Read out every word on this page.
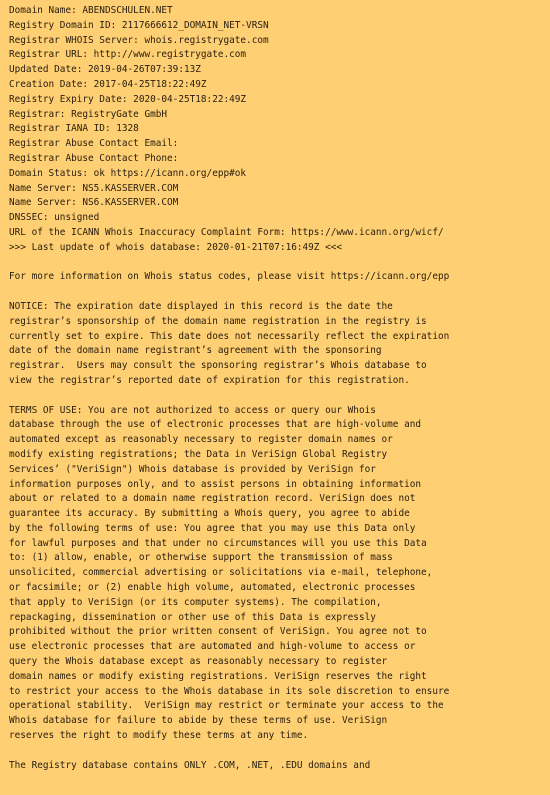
Domain Name: ABENDSCHULEN.NET
Registry Domain ID: 2117666612_DOMAIN_NET-VRSN
Registrar WHOIS Server: whois.registrygate.com
Registrar URL: http://www.registrygate.com
Updated Date: 2019-04-26T07:39:13Z
Creation Date: 2017-04-25T18:22:49Z
Registry Expiry Date: 2020-04-25T18:22:49Z
Registrar: RegistryGate GmbH
Registrar IANA ID: 1328
Registrar Abuse Contact Email:
Registrar Abuse Contact Phone:
Domain Status: ok https://icann.org/epp#ok
Name Server: NS5.KASSERVER.COM
Name Server: NS6.KASSERVER.COM
DNSSEC: unsigned
URL of the ICANN Whois Inaccuracy Complaint Form: https://www.icann.org/wicf/
>>> Last update of whois database: 2020-01-21T07:16:49Z <<<
For more information on Whois status codes, please visit https://icann.org/epp
NOTICE: The expiration date displayed in this record is the date the
registrar’s sponsorship of the domain name registration in the registry is
currently set to expire. This date does not necessarily reflect the expiration
date of the domain name registrant’s agreement with the sponsoring
registrar.  Users may consult the sponsoring registrar’s Whois database to
view the registrar’s reported date of expiration for this registration.
TERMS OF USE: You are not authorized to access or query our Whois
database through the use of electronic processes that are high-volume and
automated except as reasonably necessary to register domain names or
modify existing registrations; the Data in VeriSign Global Registry
Services’ ("VeriSign") Whois database is provided by VeriSign for
information purposes only, and to assist persons in obtaining information
about or related to a domain name registration record. VeriSign does not
guarantee its accuracy. By submitting a Whois query, you agree to abide
by the following terms of use: You agree that you may use this Data only
for lawful purposes and that under no circumstances will you use this Data
to: (1) allow, enable, or otherwise support the transmission of mass
unsolicited, commercial advertising or solicitations via e-mail, telephone,
or facsimile; or (2) enable high volume, automated, electronic processes
that apply to VeriSign (or its computer systems). The compilation,
repackaging, dissemination or other use of this Data is expressly
prohibited without the prior written consent of VeriSign. You agree not to
use electronic processes that are automated and high-volume to access or
query the Whois database except as reasonably necessary to register
domain names or modify existing registrations. VeriSign reserves the right
to restrict your access to the Whois database in its sole discretion to ensure
operational stability.  VeriSign may restrict or terminate your access to the
Whois database for failure to abide by these terms of use. VeriSign
reserves the right to modify these terms at any time.
The Registry database contains ONLY .COM, .NET, .EDU domains and
